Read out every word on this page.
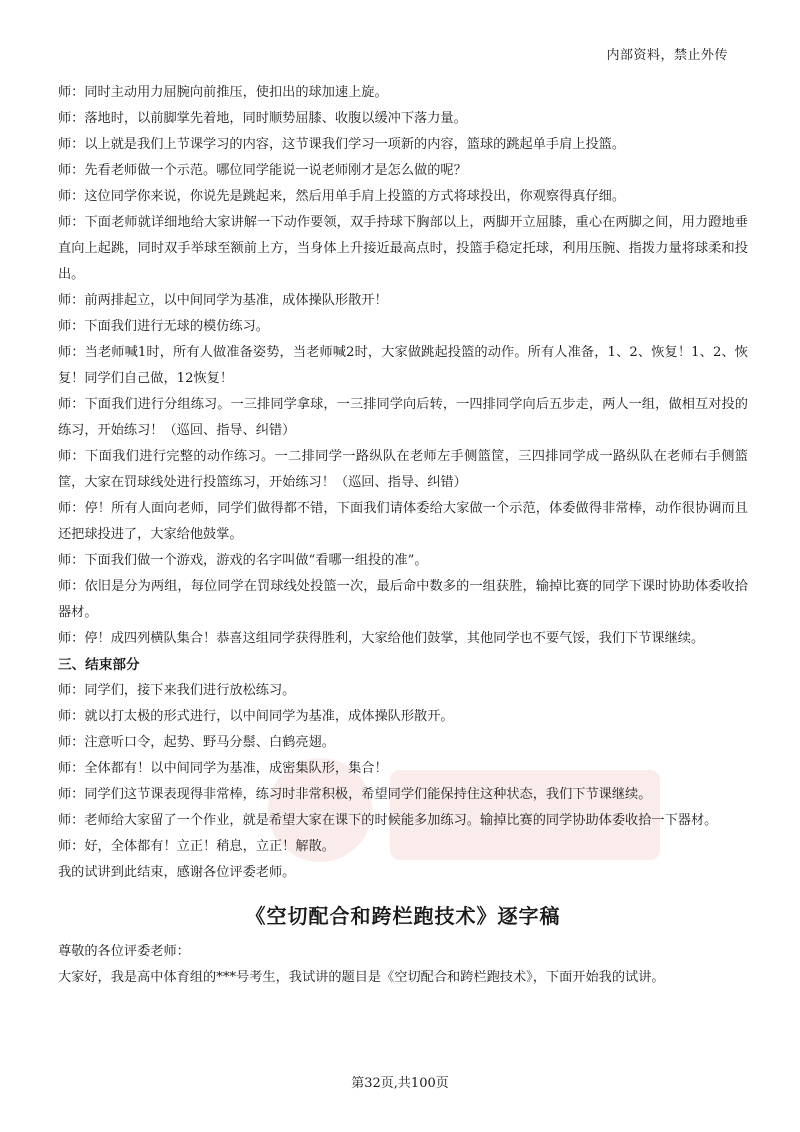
内部资料，禁止外传

师：同时主动用力屈腕向前推压，使扣出的球加速上旋。

师：落地时，以前脚掌先着地，同时顺势屈膝、收腹以缓冲下落力量。

师：以上就是我们上节课学习的内容，这节课我们学习一项新的内容，篮球的跳起单手肩上投篮。

师：先看老师做一个示范。哪位同学能说一说老师刚才是怎么做的呢？

师：这位同学你来说，你说先是跳起来，然后用单手肩上投篮的方式将球投出，你观察得真仔细。

师：下面老师就详细地给大家讲解一下动作要领，双手持球下胸部以上，两脚开立屈膝，重心在两脚之间，用力蹬地垂直向上起跳，同时双手举球至额前上方，当身体上升接近最高点时，投篮手稳定托球，利用压腕、指拨力量将球柔和投出。

师：前两排起立，以中间同学为基准，成体操队形散开！

师：下面我们进行无球的模仿练习。

师：当老师喊1时，所有人做准备姿势，当老师喊2时，大家做跳起投篮的动作。所有人准备，1、2、恢复！1、2、恢复！同学们自己做，12恢复！

师：下面我们进行分组练习。一三排同学拿球，一三排同学向后转，一四排同学向后五步走，两人一组，做相互对投的练习，开始练习！（巡回、指导、纠错）

师：下面我们进行完整的动作练习。一二排同学一路纵队在老师左手侧篮筐，三四排同学成一路纵队在老师右手侧篮筐，大家在罚球线处进行投篮练习，开始练习！（巡回、指导、纠错）

师：停！所有人面向老师，同学们做得都不错，下面我们请体委给大家做一个示范，体委做得非常棒，动作很协调而且还把球投进了，大家给他鼓掌。

师：下面我们做一个游戏，游戏的名字叫做“看哪一组投的准”。

师：依旧是分为两组，每位同学在罚球线处投篮一次，最后命中数多的一组获胜，输掉比赛的同学下课时协助体委收拾器材。

师：停！成四列横队集合！恭喜这组同学获得胜利，大家给他们鼓掌，其他同学也不要气馁，我们下节课继续。

三、结束部分

师：同学们，接下来我们进行放松练习。

师：就以打太极的形式进行，以中间同学为基准，成体操队形散开。

师：注意听口令，起势、野马分鬃、白鹤亮翅。

师：全体都有！以中间同学为基准，成密集队形，集合！

师：同学们这节课表现得非常棒，练习时非常积极，希望同学们能保持住这种状态，我们下节课继续。

师：老师给大家留了一个作业，就是希望大家在课下的时候能多加练习。输掉比赛的同学协助体委收拾一下器材。

师：好，全体都有！立正！稍息，立正！解散。

我的试讲到此结束，感谢各位评委老师。

《空切配合和跨栏跑技术》逐字稿

尊敬的各位评委老师：

大家好，我是高中体育组的***号考生，我试讲的题目是《空切配合和跨栏跑技术》，下面开始我的试讲。

第32页,共100页
